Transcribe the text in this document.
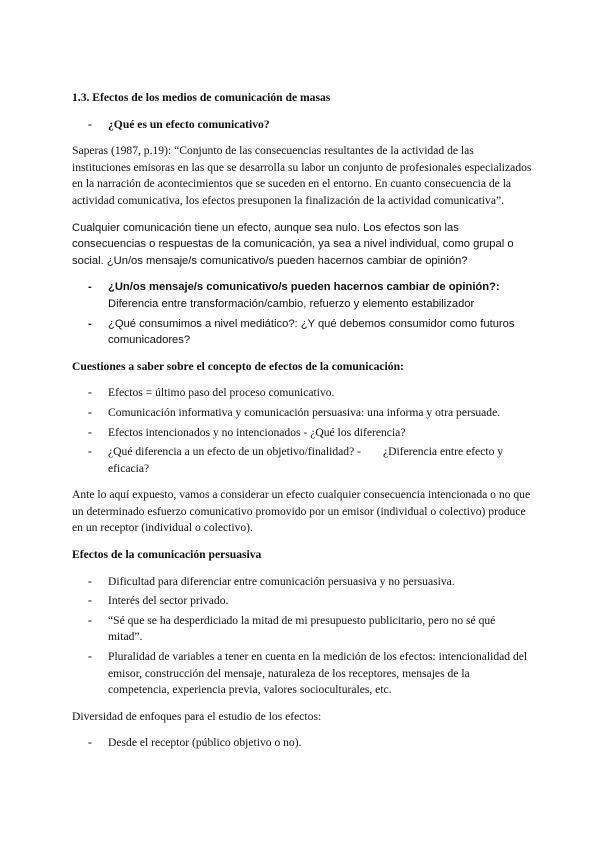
1.3. Efectos de los medios de comunicación de masas

- ¿Qué es un efecto comunicativo?

Saperas (1987, p.19): “Conjunto de las consecuencias resultantes de la actividad de las instituciones emisoras en las que se desarrolla su labor un conjunto de profesionales especializados en la narración de acontecimientos que se suceden en el entorno. En cuanto consecuencia de la actividad comunicativa, los efectos presuponen la finalización de la actividad comunicativa”.

Cualquier comunicación tiene un efecto, aunque sea nulo. Los efectos son las consecuencias o respuestas de la comunicación, ya sea a nivel individual, como grupal o social. ¿Un/os mensaje/s comunicativo/s pueden hacernos cambiar de opinión?

- ¿Un/os mensaje/s comunicativo/s pueden hacernos cambiar de opinión?:
Diferencia entre transformación/cambio, refuerzo y elemento estabilizador
- ¿Qué consumimos a nivel mediático?: ¿Y qué debemos consumidor como futuros comunicadores?

Cuestiones a saber sobre el concepto de efectos de la comunicación:

- Efectos = último paso del proceso comunicativo.
- Comunicación informativa y comunicación persuasiva: una informa y otra persuade.
- Efectos intencionados y no intencionados - ¿Qué los diferencia?
- ¿Qué diferencia a un efecto de un objetivo/finalidad? - ¿Diferencia entre efecto y eficacia?

Ante lo aquí expuesto, vamos a considerar un efecto cualquier consecuencia intencionada o no que un determinado esfuerzo comunicativo promovido por un emisor (individual o colectivo) produce en un receptor (individual o colectivo).

Efectos de la comunicación persuasiva

- Dificultad para diferenciar entre comunicación persuasiva y no persuasiva.
- Interés del sector privado.
- “Sé que se ha desperdiciado la mitad de mi presupuesto publicitario, pero no sé qué mitad”.
- Pluralidad de variables a tener en cuenta en la medición de los efectos: intencionalidad del emisor, construcción del mensaje, naturaleza de los receptores, mensajes de la competencia, experiencia previa, valores socioculturales, etc.

Diversidad de enfoques para el estudio de los efectos:

- Desde el receptor (público objetivo o no).
